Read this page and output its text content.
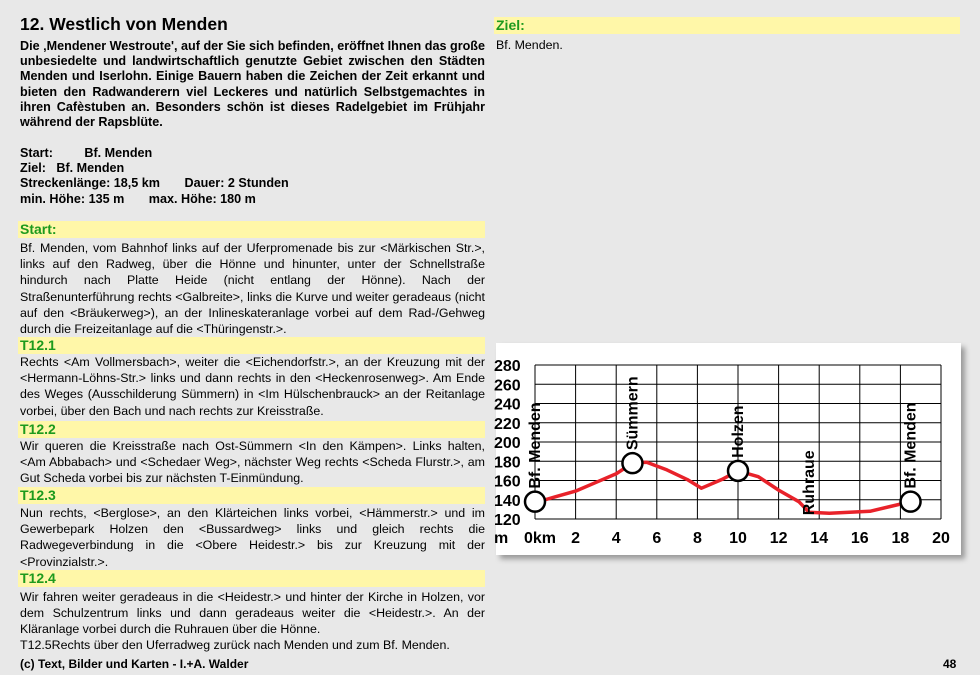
12. Westlich von Menden
Die ‚Mendener Westroute', auf der Sie sich befinden, eröffnet Ihnen das große unbesiedelte und landwirtschaftlich genutzte Gebiet zwischen den Städten Menden und Iserlohn. Einige Bauern haben die Zeichen der Zeit erkannt und bieten den Radwanderern viel Leckeres und natürlich Selbstgemachtes in ihren Cafèstuben an. Besonders schön ist dieses Radelgebiet im Frühjahr während der Rapsblüte.
Start:         Bf. Menden
Ziel:   Bf. Menden
Streckenlänge: 18,5 km       Dauer: 2 Stunden
min. Höhe: 135 m       max. Höhe: 180 m
Start:
Bf. Menden, vom Bahnhof links auf der Uferpromenade bis zur <Märkischen Str.>, links auf den Radweg, über die Hönne und hinunter, unter der Schnellstraße hindurch nach Platte Heide (nicht entlang der Hönne). Nach der Straßenunterführung rechts <Galbreite>, links die Kurve und weiter geradeaus (nicht auf den <Bräukerweg>), an der Inlineskateranlage vorbei auf dem Rad-/Gehweg durch die Freizeitanlage auf die <Thüringenstr.>.
T12.1
Rechts <Am Vollmersbach>, weiter die <Eichendorfstr.>, an der Kreuzung mit der <Hermann-Löhns-Str.> links und dann rechts in den <Heckenrosenweg>. Am Ende des Weges (Ausschilderung Sümmern) in <Im Hülschenbrauck> an der Reitanlage vorbei, über den Bach und nach rechts zur Kreisstraße.
T12.2
Wir queren die Kreisstraße nach Ost-Sümmern <In den Kämpen>. Links halten, <Am Abbabach> und <Schedaer Weg>, nächster Weg rechts <Scheda Flurstr.>, am Gut Scheda vorbei bis zur nächsten T-Einmündung.
T12.3
Nun rechts, <Berglose>, an den Klärteichen links vorbei, <Hämmerstr.> und im Gewerbepark Holzen den <Bussardweg> links und gleich rechts die Radwegeverbindung in die <Obere Heidestr.> bis zur Kreuzung mit der <Provinzialstr.>.
T12.4
Wir fahren weiter geradeaus in die <Heidestr.> und hinter der Kirche in Holzen, vor dem Schulzentrum links und dann geradeaus weiter die <Heidestr.>. An der Kläranlage vorbei durch die Ruhrauen über die Hönne.
T12.5Rechts über den Uferradweg zurück nach Menden und zum Bf. Menden.
Ziel:
Bf. Menden.
280
260
240
220
200
180
160
140
120
0km 2 4 6 8 10 12 14 16 18 20
m
Bf. Menden	Sümmern	Holzen
Ruhraue	Bf. Menden
(c) Text, Bilder und Karten - I.+A. Walder	48
